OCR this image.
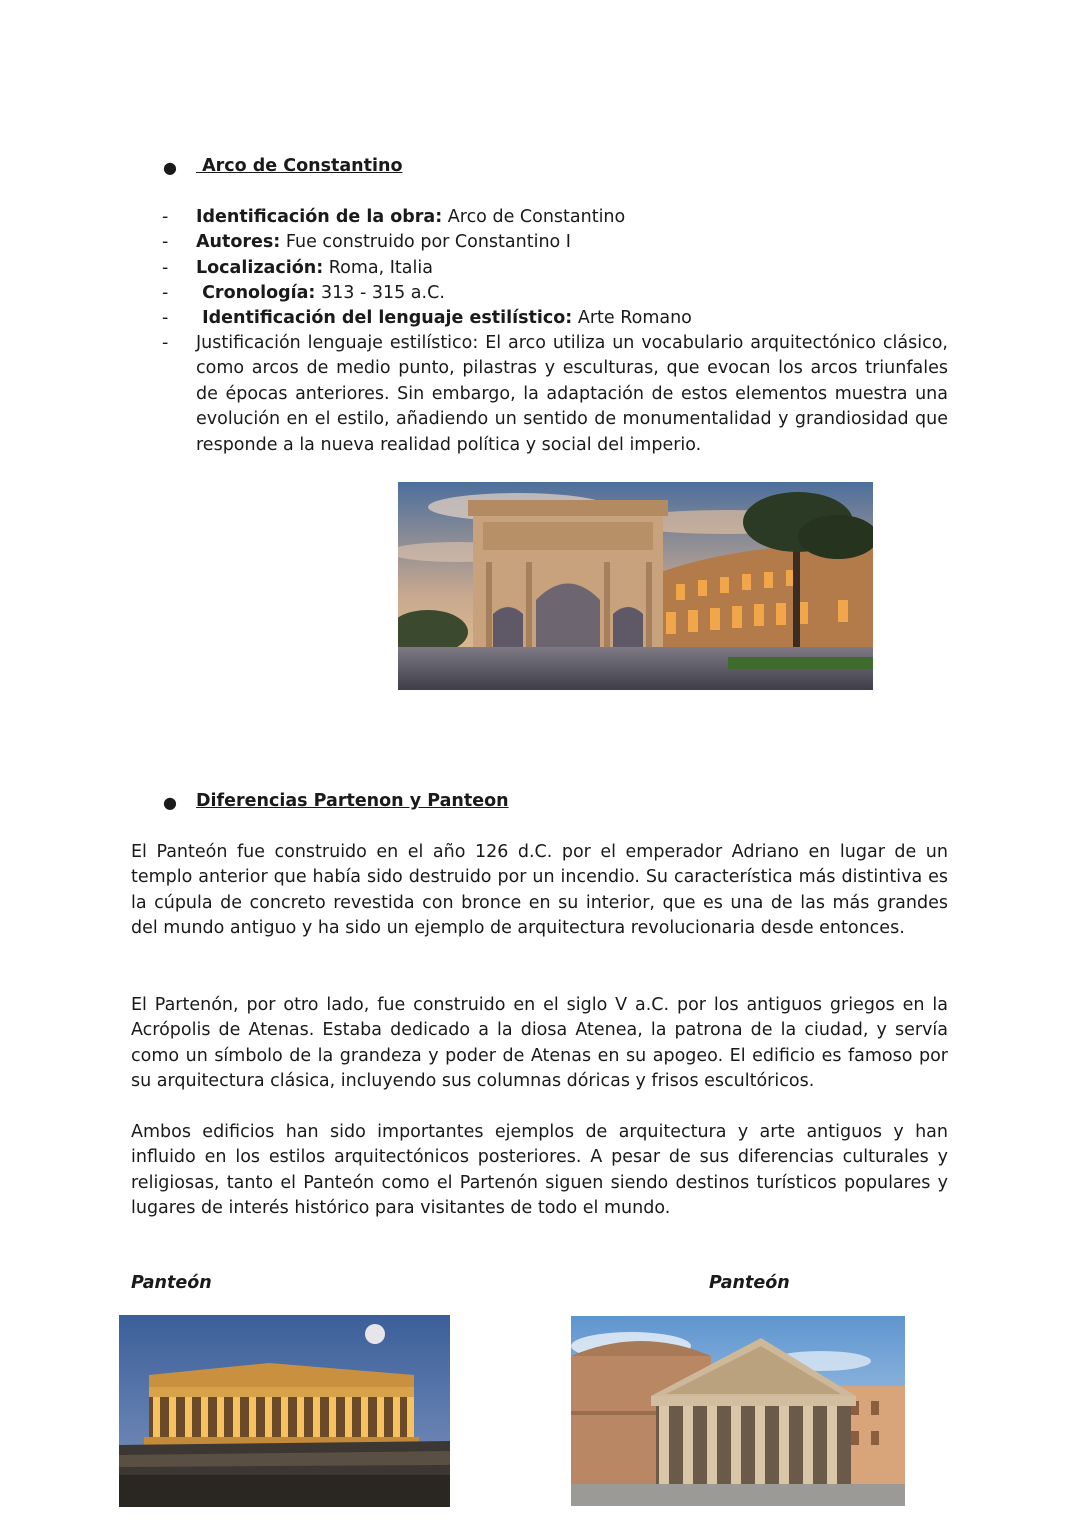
● Arco de Constantino
- Identificación de la obra: Arco de Constantino
- Autores: Fue construido por Constantino I
- Localización: Roma, Italia
- Cronología: 313 - 315 a.C.
- Identificación del lenguaje estilístico: Arte Romano
- Justificación lenguaje estilístico: El arco utiliza un vocabulario arquitectónico clásico, como arcos de medio punto, pilastras y esculturas, que evocan los arcos triunfales de épocas anteriores. Sin embargo, la adaptación de estos elementos muestra una evolución en el estilo, añadiendo un sentido de monumentalidad y grandiosidad que responde a la nueva realidad política y social del imperio.
● Diferencias Partenon y Panteon
El Panteón fue construido en el año 126 d.C. por el emperador Adriano en lugar de un templo anterior que había sido destruido por un incendio. Su característica más distintiva es la cúpula de concreto revestida con bronce en su interior, que es una de las más grandes del mundo antiguo y ha sido un ejemplo de arquitectura revolucionaria desde entonces.
El Partenón, por otro lado, fue construido en el siglo V a.C. por los antiguos griegos en la Acrópolis de Atenas. Estaba dedicado a la diosa Atenea, la patrona de la ciudad, y servía como un símbolo de la grandeza y poder de Atenas en su apogeo. El edificio es famoso por su arquitectura clásica, incluyendo sus columnas dóricas y frisos escultóricos.
Ambos edificios han sido importantes ejemplos de arquitectura y arte antiguos y han influido en los estilos arquitectónicos posteriores. A pesar de sus diferencias culturales y religiosas, tanto el Panteón como el Partenón siguen siendo destinos turísticos populares y lugares de interés histórico para visitantes de todo el mundo.
Panteón	Panteón
